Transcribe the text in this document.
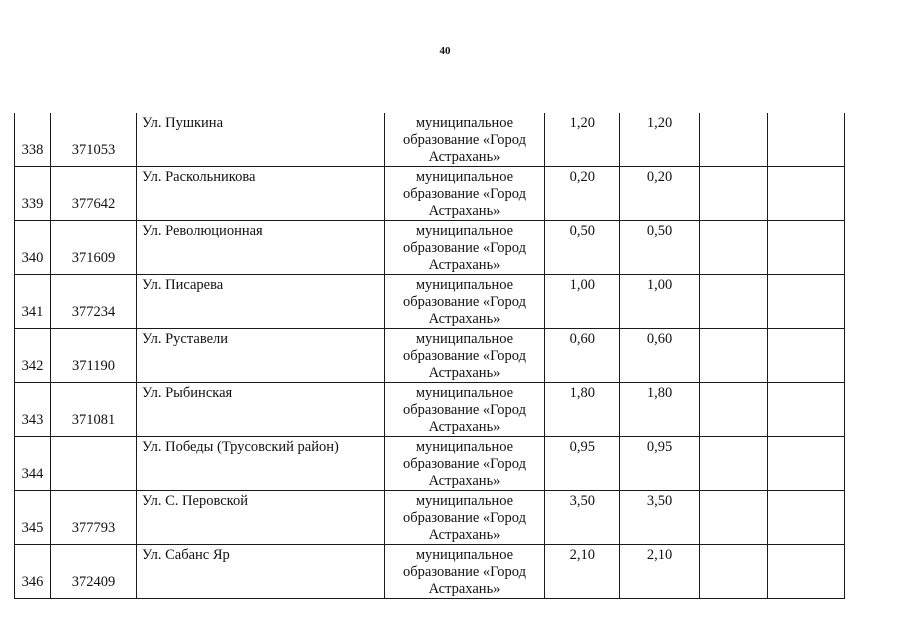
40
338	371053	Ул. Пушкина	муниципальное образование «Город Астрахань»	1,20	1,20		
339	377642	Ул. Раскольникова	муниципальное образование «Город Астрахань»	0,20	0,20		
340	371609	Ул. Революционная	муниципальное образование «Город Астрахань»	0,50	0,50		
341	377234	Ул. Писарева	муниципальное образование «Город Астрахань»	1,00	1,00		
342	371190	Ул. Руставели	муниципальное образование «Город Астрахань»	0,60	0,60		
343	371081	Ул. Рыбинская	муниципальное образование «Город Астрахань»	1,80	1,80		
344		Ул. Победы (Трусовский район)	муниципальное образование «Город Астрахань»	0,95	0,95		
345	377793	Ул. С. Перовской	муниципальное образование «Город Астрахань»	3,50	3,50		
346	372409	Ул. Сабанс Яр	муниципальное образование «Город Астрахань»	2,10	2,10		
